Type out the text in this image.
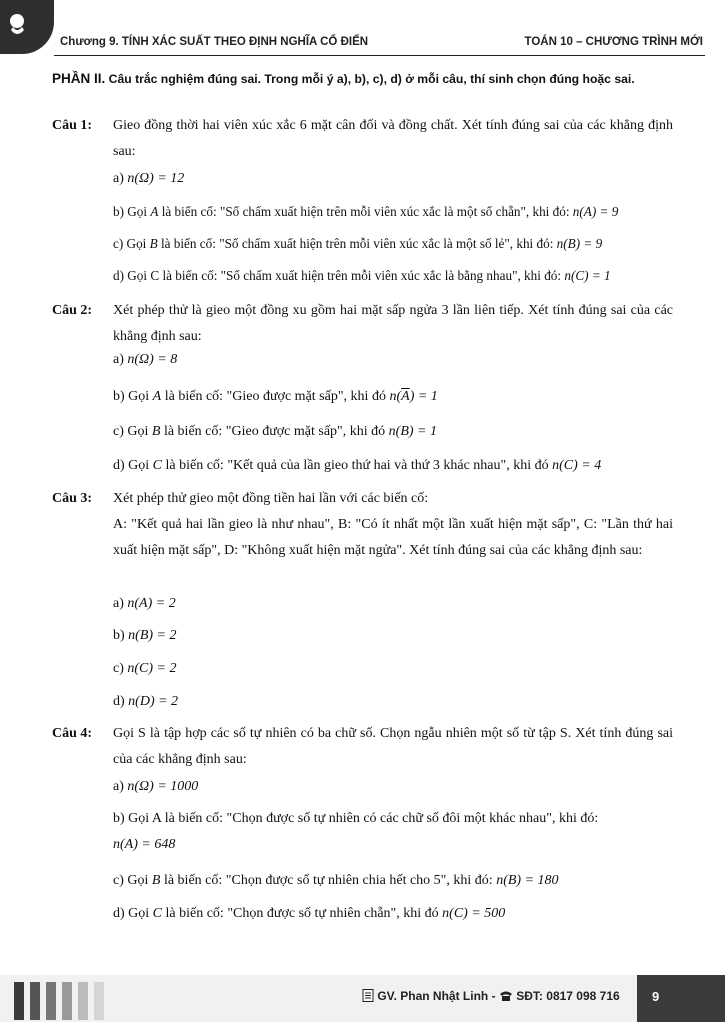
Chương 9. TÍNH XÁC SUẤT THEO ĐỊNH NGHĨA CỔ ĐIỂN	TOÁN 10 – CHƯƠNG TRÌNH MỚI
PHẦN II. Câu trắc nghiệm đúng sai. Trong mỗi ý a), b), c), d) ở mỗi câu, thí sinh chọn đúng hoặc sai.
Câu 1: Gieo đồng thời hai viên xúc xắc 6 mặt cân đối và đồng chất. Xét tính đúng sai của các khẳng định sau:
a) n(Ω) = 12
b) Gọi A là biến cố: "Số chấm xuất hiện trên mỗi viên xúc xắc là một số chẵn", khi đó: n(A) = 9
c) Gọi B là biến cố: "Số chấm xuất hiện trên mỗi viên xúc xắc là một số lẻ", khi đó: n(B) = 9
d) Gọi C là biến cố: "Số chấm xuất hiện trên mỗi viên xúc xắc là bằng nhau", khi đó: n(C) = 1
Câu 2: Xét phép thử là gieo một đồng xu gồm hai mặt sấp ngửa 3 lần liên tiếp. Xét tính đúng sai của các khẳng định sau:
a) n(Ω) = 8
b) Gọi A là biến cố: "Gieo được mặt sấp", khi đó $n(\overline{A}) = 1$
c) Gọi B là biến cố: "Gieo được mặt sấp", khi đó n(B) = 1
d) Gọi C là biến cố: "Kết quả của lần gieo thứ hai và thứ 3 khác nhau", khi đó n(C) = 4
Câu 3: Xét phép thử gieo một đồng tiền hai lần với các biến cố:
A: "Kết quả hai lần gieo là như nhau", B: "Có ít nhất một lần xuất hiện mặt sấp", C: "Lần thứ hai xuất hiện mặt sấp", D: "Không xuất hiện mặt ngửa". Xét tính đúng sai của các khẳng định sau:
a) n(A) = 2
b) n(B) = 2
c) n(C) = 2
d) n(D) = 2
Câu 4: Gọi S là tập hợp các số tự nhiên có ba chữ số. Chọn ngẫu nhiên một số từ tập S. Xét tính đúng sai của các khẳng định sau:
a) n(Ω) = 1000
b) Gọi A là biến cố: "Chọn được số tự nhiên có các chữ số đôi một khác nhau", khi đó:
n(A) = 648
c) Gọi B là biến cố: "Chọn được số tự nhiên chia hết cho 5", khi đó: n(B) = 180
d) Gọi C là biến cố: "Chọn được số tự nhiên chẵn", khi đó n(C) = 500
GV. Phan Nhật Linh -  SĐT: 0817 098 716 9
